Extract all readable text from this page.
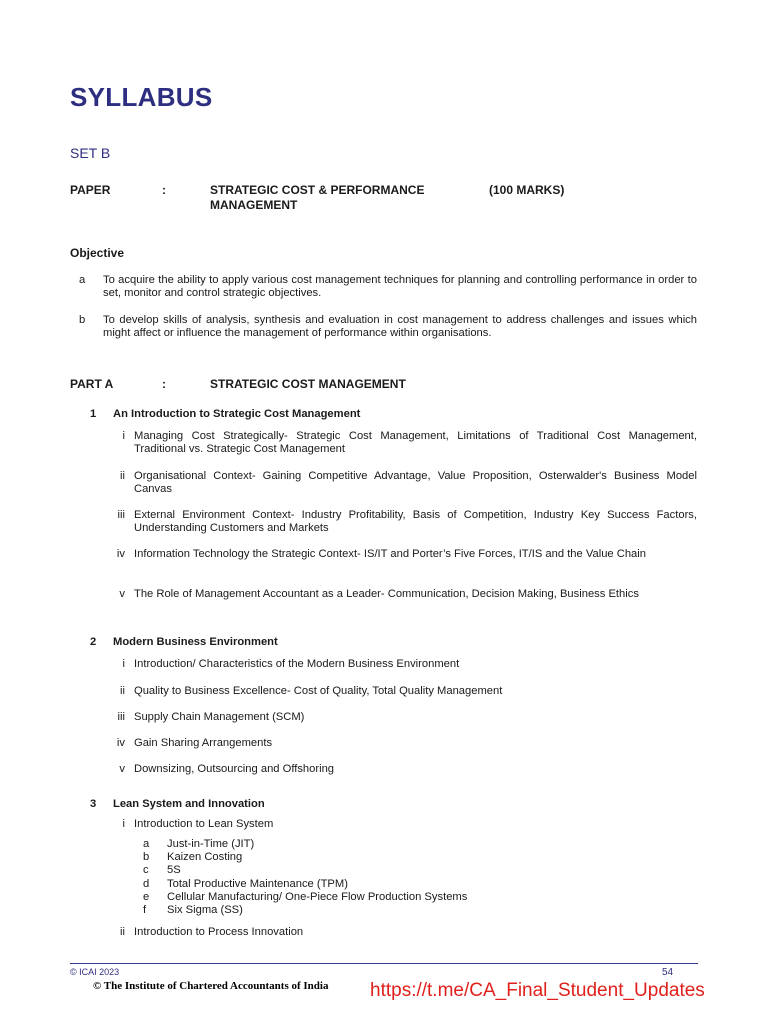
SYLLABUS
SET B
PAPER	:	STRATEGIC COST & PERFORMANCE
MANAGEMENT
(100 MARKS)
Objective
a To acquire the ability to apply various cost management techniques for planning and controlling performance in order to set, monitor and control strategic objectives.
b To develop skills of analysis, synthesis and evaluation in cost management to address challenges and issues which might affect or influence the management of performance within organisations.
PART A	:	STRATEGIC COST MANAGEMENT
1 An Introduction to Strategic Cost Management
i Managing Cost Strategically- Strategic Cost Management, Limitations of Traditional Cost Management, Traditional vs. Strategic Cost Management
ii Organisational Context- Gaining Competitive Advantage, Value Proposition, Osterwalder's Business Model Canvas
iii External Environment Context- Industry Profitability, Basis of Competition, Industry Key Success Factors, Understanding Customers and Markets
iv Information Technology the Strategic Context- IS/IT and Porter’s Five Forces, IT/IS and the Value Chain
v The Role of Management Accountant as a Leader- Communication, Decision Making, Business Ethics
2 Modern Business Environment
i Introduction/ Characteristics of the Modern Business Environment
ii Quality to Business Excellence- Cost of Quality, Total Quality Management
iii Supply Chain Management (SCM)
iv Gain Sharing Arrangements
v Downsizing, Outsourcing and Offshoring
3 Lean System and Innovation
i Introduction to Lean System
a Just-in-Time (JIT)
b Kaizen Costing
c 5S
d Total Productive Maintenance (TPM)
e Cellular Manufacturing/ One-Piece Flow Production Systems
f Six Sigma (SS)
ii Introduction to Process Innovation
© ICAI 2023	54
© The Institute of Chartered Accountants of India https://t.me/CA_Final_Student_Updates
